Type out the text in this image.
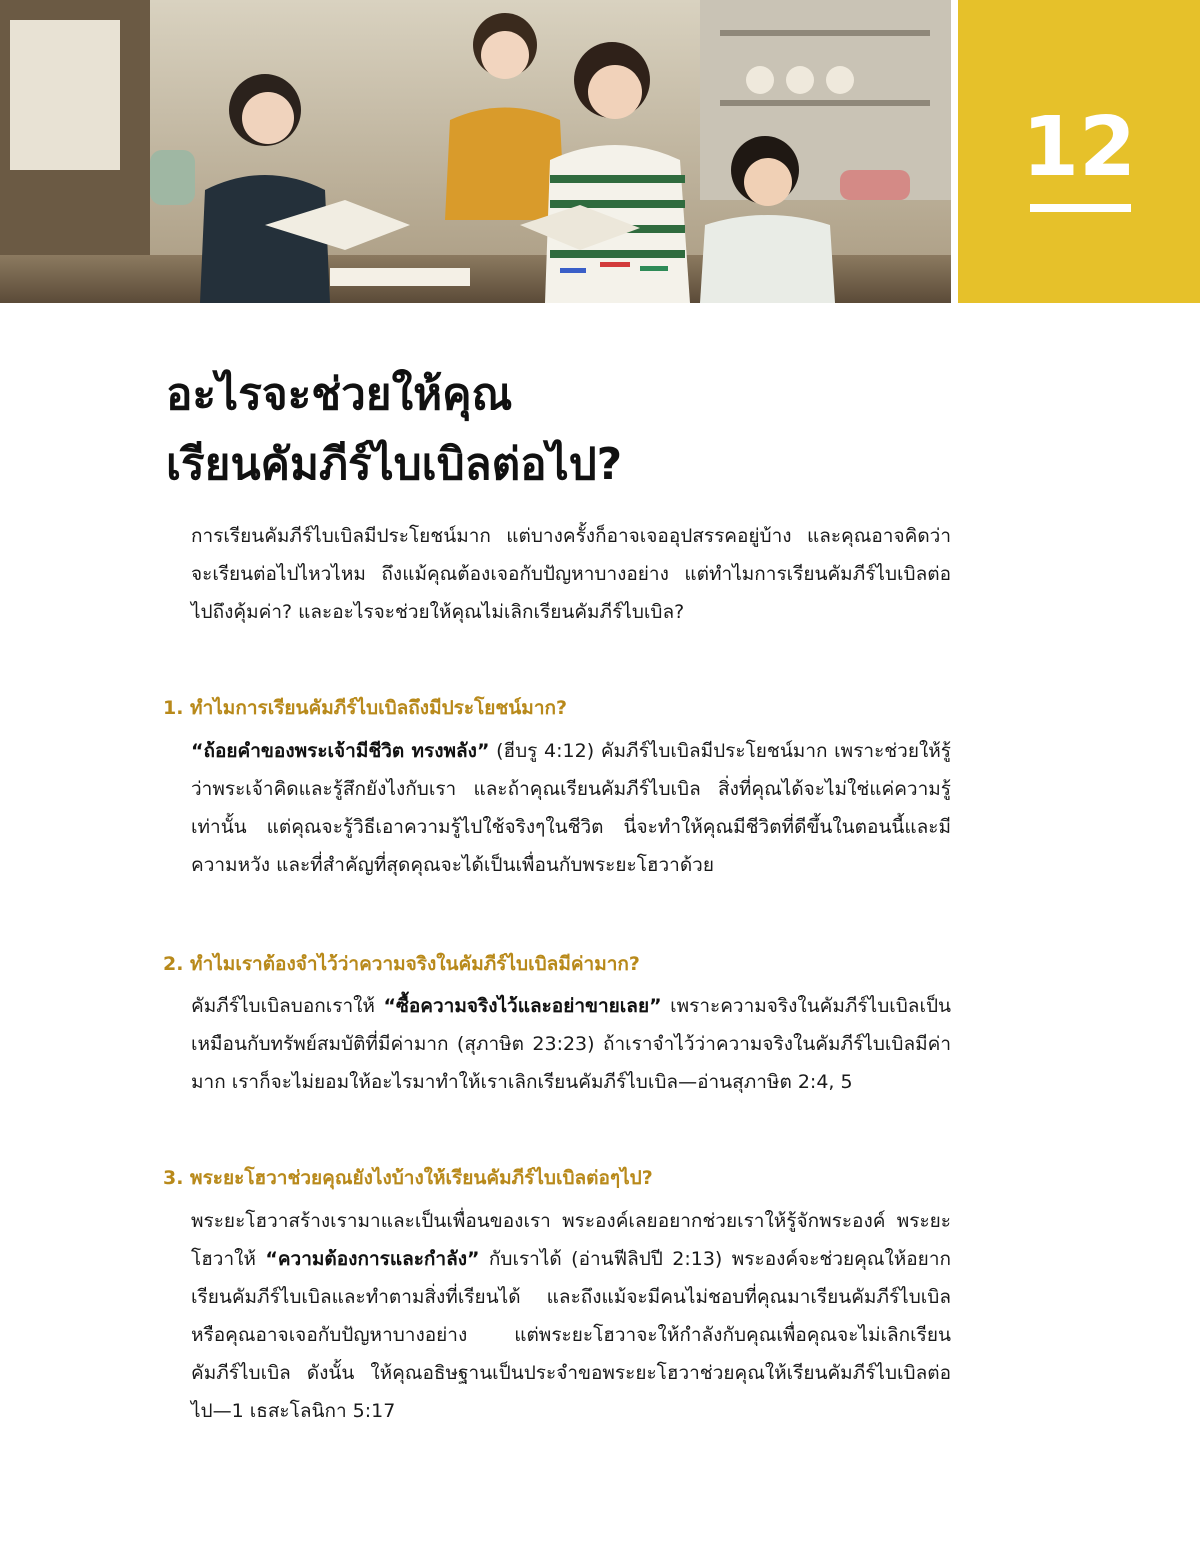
12
อะไรจะช่วยให้คุณ
เรียนคัมภีร์ไบเบิลต่อไป?

การเรียนคัมภีร์ไบเบิลมีประโยชน์มาก แต่บางครั้งก็อาจเจออุปสรรคอยู่บ้าง และคุณอาจคิดว่าจะเรียนต่อไปไหวไหม ถึงแม้คุณต้องเจอกับปัญหาบางอย่าง แต่ทำไมการเรียนคัมภีร์ไบเบิลต่อไปถึงคุ้มค่า? และอะไรจะช่วยให้คุณไม่เลิกเรียนคัมภีร์ไบเบิล?

1. ทำไมการเรียนคัมภีร์ไบเบิลถึงมีประโยชน์มาก?

“ถ้อยคำของพระเจ้ามีชีวิต ทรงพลัง” (ฮีบรู 4:12) คัมภีร์ไบเบิลมีประโยชน์มาก เพราะช่วยให้รู้ว่าพระเจ้าคิดและรู้สึกยังไงกับเรา และถ้าคุณเรียนคัมภีร์ไบเบิล สิ่งที่คุณได้จะไม่ใช่แค่ความรู้เท่านั้น แต่คุณจะรู้วิธีเอาความรู้ไปใช้จริงๆในชีวิต นี่จะทำให้คุณมีชีวิตที่ดีขึ้นในตอนนี้และมีความหวัง และที่สำคัญที่สุดคุณจะได้เป็นเพื่อนกับพระยะโฮวาด้วย

2. ทำไมเราต้องจำไว้ว่าความจริงในคัมภีร์ไบเบิลมีค่ามาก?

คัมภีร์ไบเบิลบอกเราให้ “ซื้อความจริงไว้และอย่าขายเลย” เพราะความจริงในคัมภีร์ไบเบิลเป็นเหมือนกับทรัพย์สมบัติที่มีค่ามาก (สุภาษิต 23:23) ถ้าเราจำไว้ว่าความจริงในคัมภีร์ไบเบิลมีค่ามาก เราก็จะไม่ยอมให้อะไรมาทำให้เราเลิกเรียนคัมภีร์ไบเบิล—อ่านสุภาษิต 2:4, 5

3. พระยะโฮวาช่วยคุณยังไงบ้างให้เรียนคัมภีร์ไบเบิลต่อๆไป?

พระยะโฮวาสร้างเรามาและเป็นเพื่อนของเรา พระองค์เลยอยากช่วยเราให้รู้จักพระองค์ พระยะโฮวาให้ “ความต้องการและกำลัง” กับเราได้ (อ่านฟีลิปปี 2:13) พระองค์จะช่วยคุณให้อยากเรียนคัมภีร์ไบเบิลและทำตามสิ่งที่เรียนได้ และถึงแม้จะมีคนไม่ชอบที่คุณมาเรียนคัมภีร์ไบเบิลหรือคุณอาจเจอกับปัญหาบางอย่าง แต่พระยะโฮวาจะให้กำลังกับคุณเพื่อคุณจะไม่เลิกเรียนคัมภีร์ไบเบิล ดังนั้น ให้คุณอธิษฐานเป็นประจำขอพระยะโฮวาช่วยคุณให้เรียนคัมภีร์ไบเบิลต่อไป—1 เธสะโลนิกา 5:17
